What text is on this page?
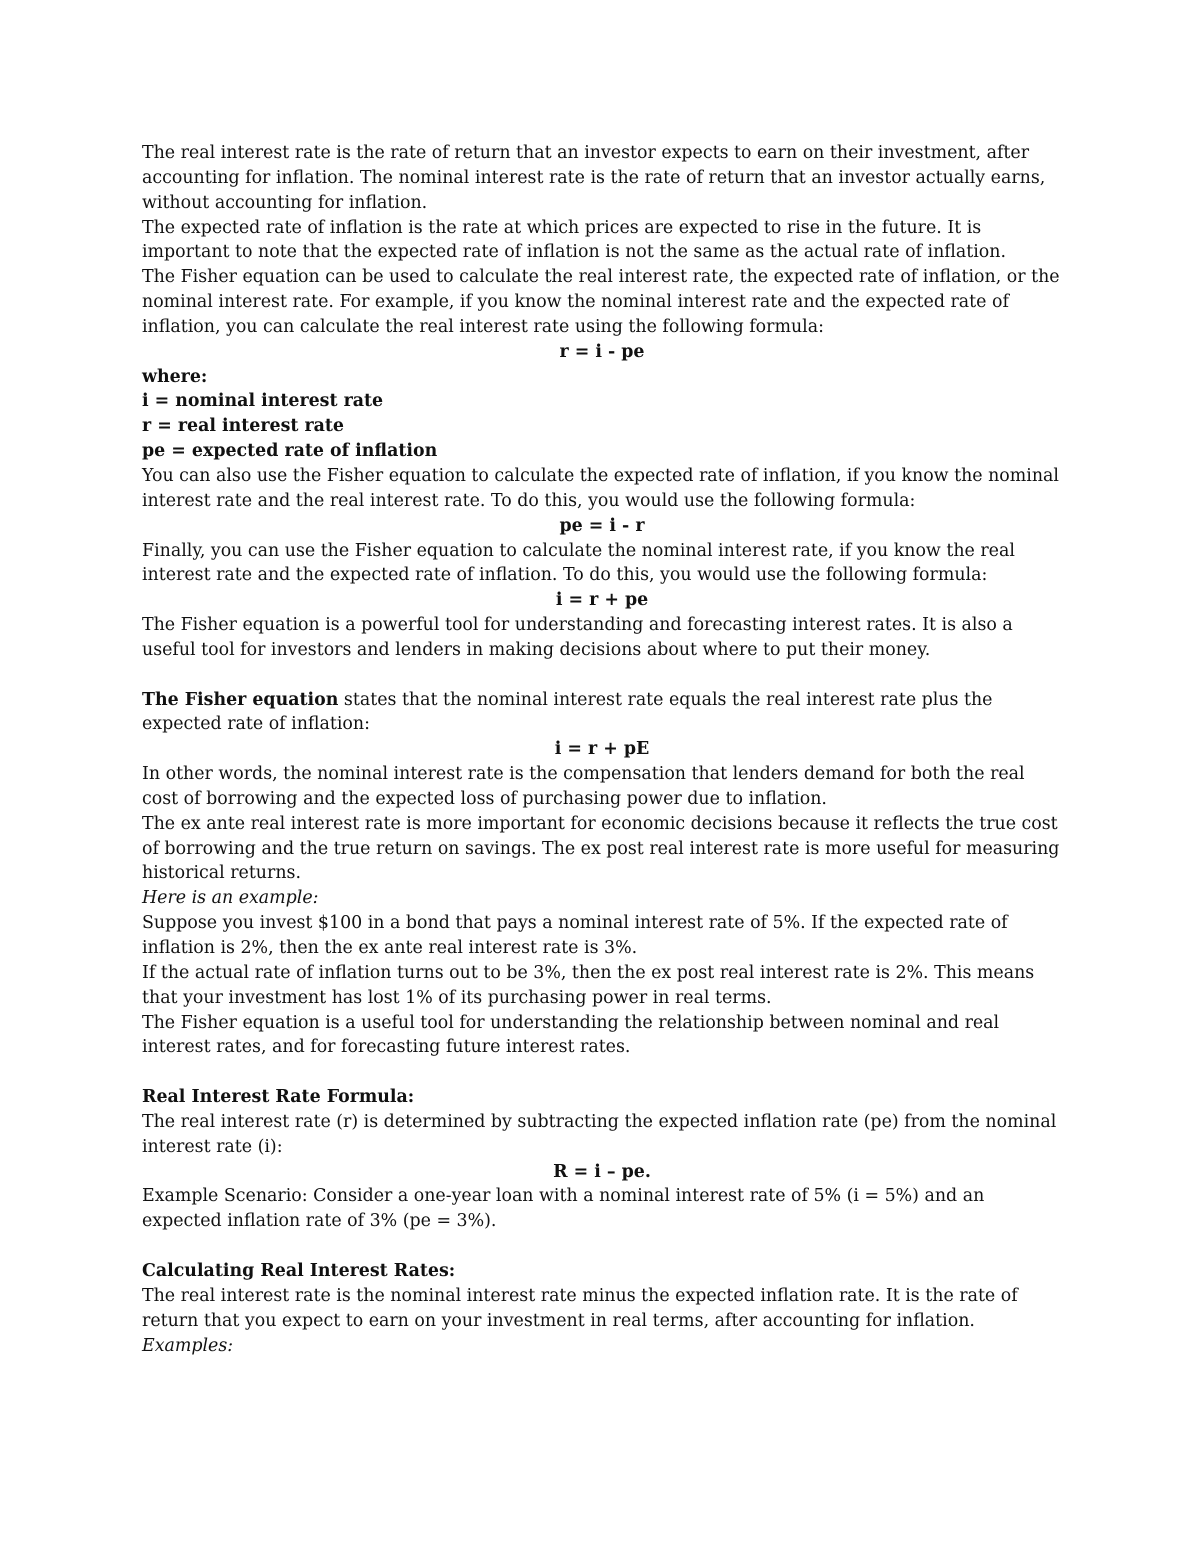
The real interest rate is the rate of return that an investor expects to earn on their investment, after accounting for inflation. The nominal interest rate is the rate of return that an investor actually earns, without accounting for inflation.

The expected rate of inflation is the rate at which prices are expected to rise in the future. It is important to note that the expected rate of inflation is not the same as the actual rate of inflation.

The Fisher equation can be used to calculate the real interest rate, the expected rate of inflation, or the nominal interest rate. For example, if you know the nominal interest rate and the expected rate of inflation, you can calculate the real interest rate using the following formula:

r = i - pe

where:

i = nominal interest rate

r = real interest rate

pe = expected rate of inflation

You can also use the Fisher equation to calculate the expected rate of inflation, if you know the nominal interest rate and the real interest rate. To do this, you would use the following formula:

pe = i - r

Finally, you can use the Fisher equation to calculate the nominal interest rate, if you know the real interest rate and the expected rate of inflation. To do this, you would use the following formula:

i = r + pe

The Fisher equation is a powerful tool for understanding and forecasting interest rates. It is also a useful tool for investors and lenders in making decisions about where to put their money.

The Fisher equation states that the nominal interest rate equals the real interest rate plus the expected rate of inflation:

i = r + pE

In other words, the nominal interest rate is the compensation that lenders demand for both the real cost of borrowing and the expected loss of purchasing power due to inflation.

The ex ante real interest rate is more important for economic decisions because it reflects the true cost of borrowing and the true return on savings. The ex post real interest rate is more useful for measuring historical returns.

Here is an example:

Suppose you invest $100 in a bond that pays a nominal interest rate of 5%. If the expected rate of inflation is 2%, then the ex ante real interest rate is 3%.

If the actual rate of inflation turns out to be 3%, then the ex post real interest rate is 2%. This means that your investment has lost 1% of its purchasing power in real terms.

The Fisher equation is a useful tool for understanding the relationship between nominal and real interest rates, and for forecasting future interest rates.

Real Interest Rate Formula:

The real interest rate (r) is determined by subtracting the expected inflation rate (pe) from the nominal interest rate (i):

R = i – pe.

Example Scenario: Consider a one-year loan with a nominal interest rate of 5% (i = 5%) and an expected inflation rate of 3% (pe = 3%).

Calculating Real Interest Rates:

The real interest rate is the nominal interest rate minus the expected inflation rate. It is the rate of return that you expect to earn on your investment in real terms, after accounting for inflation.

Examples:
